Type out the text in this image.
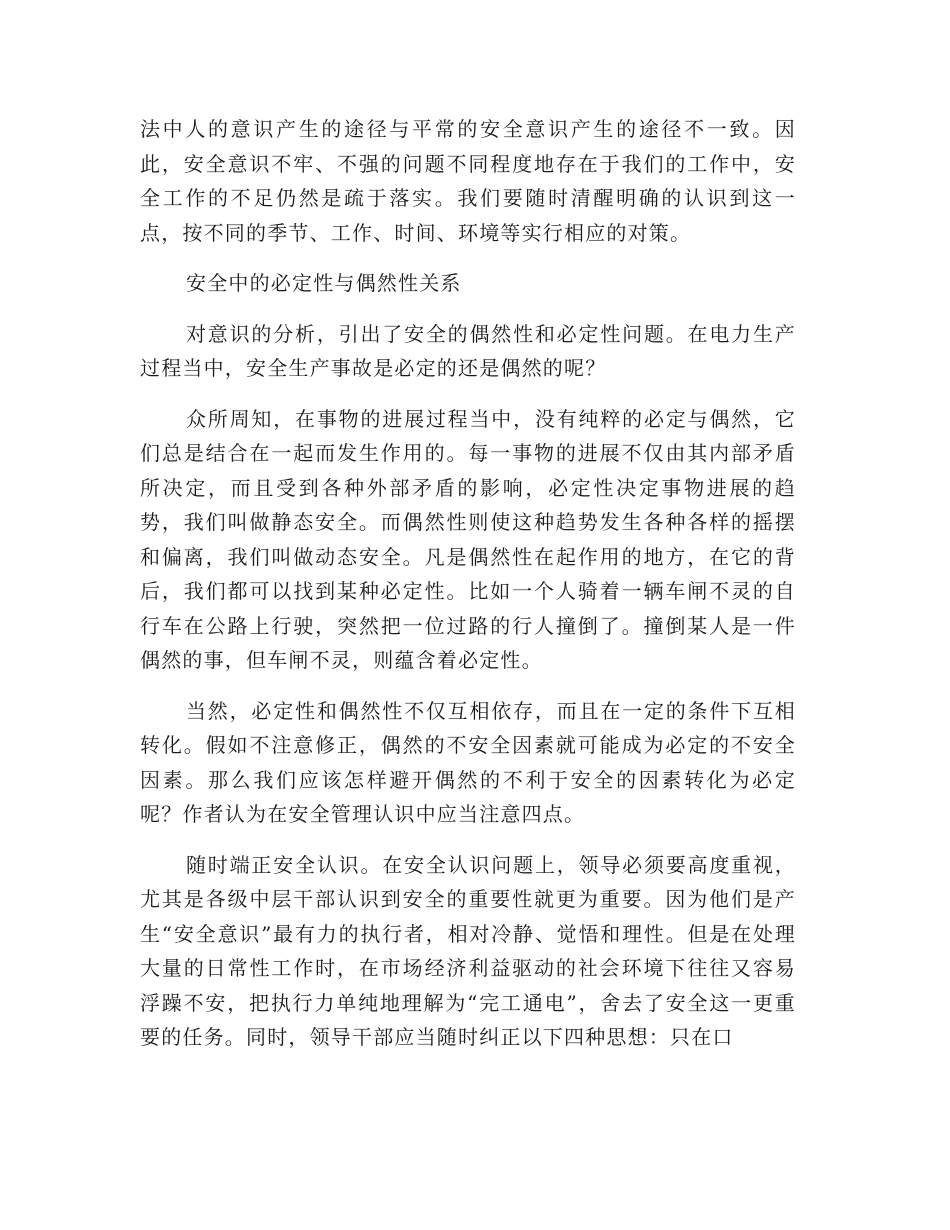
法中人的意识产生的途径与平常的安全意识产生的途径不一致。因此，安全意识不牢、不强的问题不同程度地存在于我们的工作中，安全工作的不足仍然是疏于落实。我们要随时清醒明确的认识到这一点，按不同的季节、工作、时间、环境等实行相应的对策。

安全中的必定性与偶然性关系

对意识的分析，引出了安全的偶然性和必定性问题。在电力生产过程当中，安全生产事故是必定的还是偶然的呢？

众所周知，在事物的进展过程当中，没有纯粹的必定与偶然，它们总是结合在一起而发生作用的。每一事物的进展不仅由其内部矛盾所决定，而且受到各种外部矛盾的影响，必定性决定事物进展的趋势，我们叫做静态安全。而偶然性则使这种趋势发生各种各样的摇摆和偏离，我们叫做动态安全。凡是偶然性在起作用的地方，在它的背后，我们都可以找到某种必定性。比如一个人骑着一辆车闸不灵的自行车在公路上行驶，突然把一位过路的行人撞倒了。撞倒某人是一件偶然的事，但车闸不灵，则蕴含着必定性。

当然，必定性和偶然性不仅互相依存，而且在一定的条件下互相转化。假如不注意修正，偶然的不安全因素就可能成为必定的不安全因素。那么我们应该怎样避开偶然的不利于安全的因素转化为必定呢？作者认为在安全管理认识中应当注意四点。

随时端正安全认识。在安全认识问题上，领导必须要高度重视，尤其是各级中层干部认识到安全的重要性就更为重要。因为他们是产生“安全意识”最有力的执行者，相对冷静、觉悟和理性。但是在处理大量的日常性工作时，在市场经济利益驱动的社会环境下往往又容易浮躁不安，把执行力单纯地理解为“完工通电”，舍去了安全这一更重要的任务。同时，领导干部应当随时纠正以下四种思想：只在口
